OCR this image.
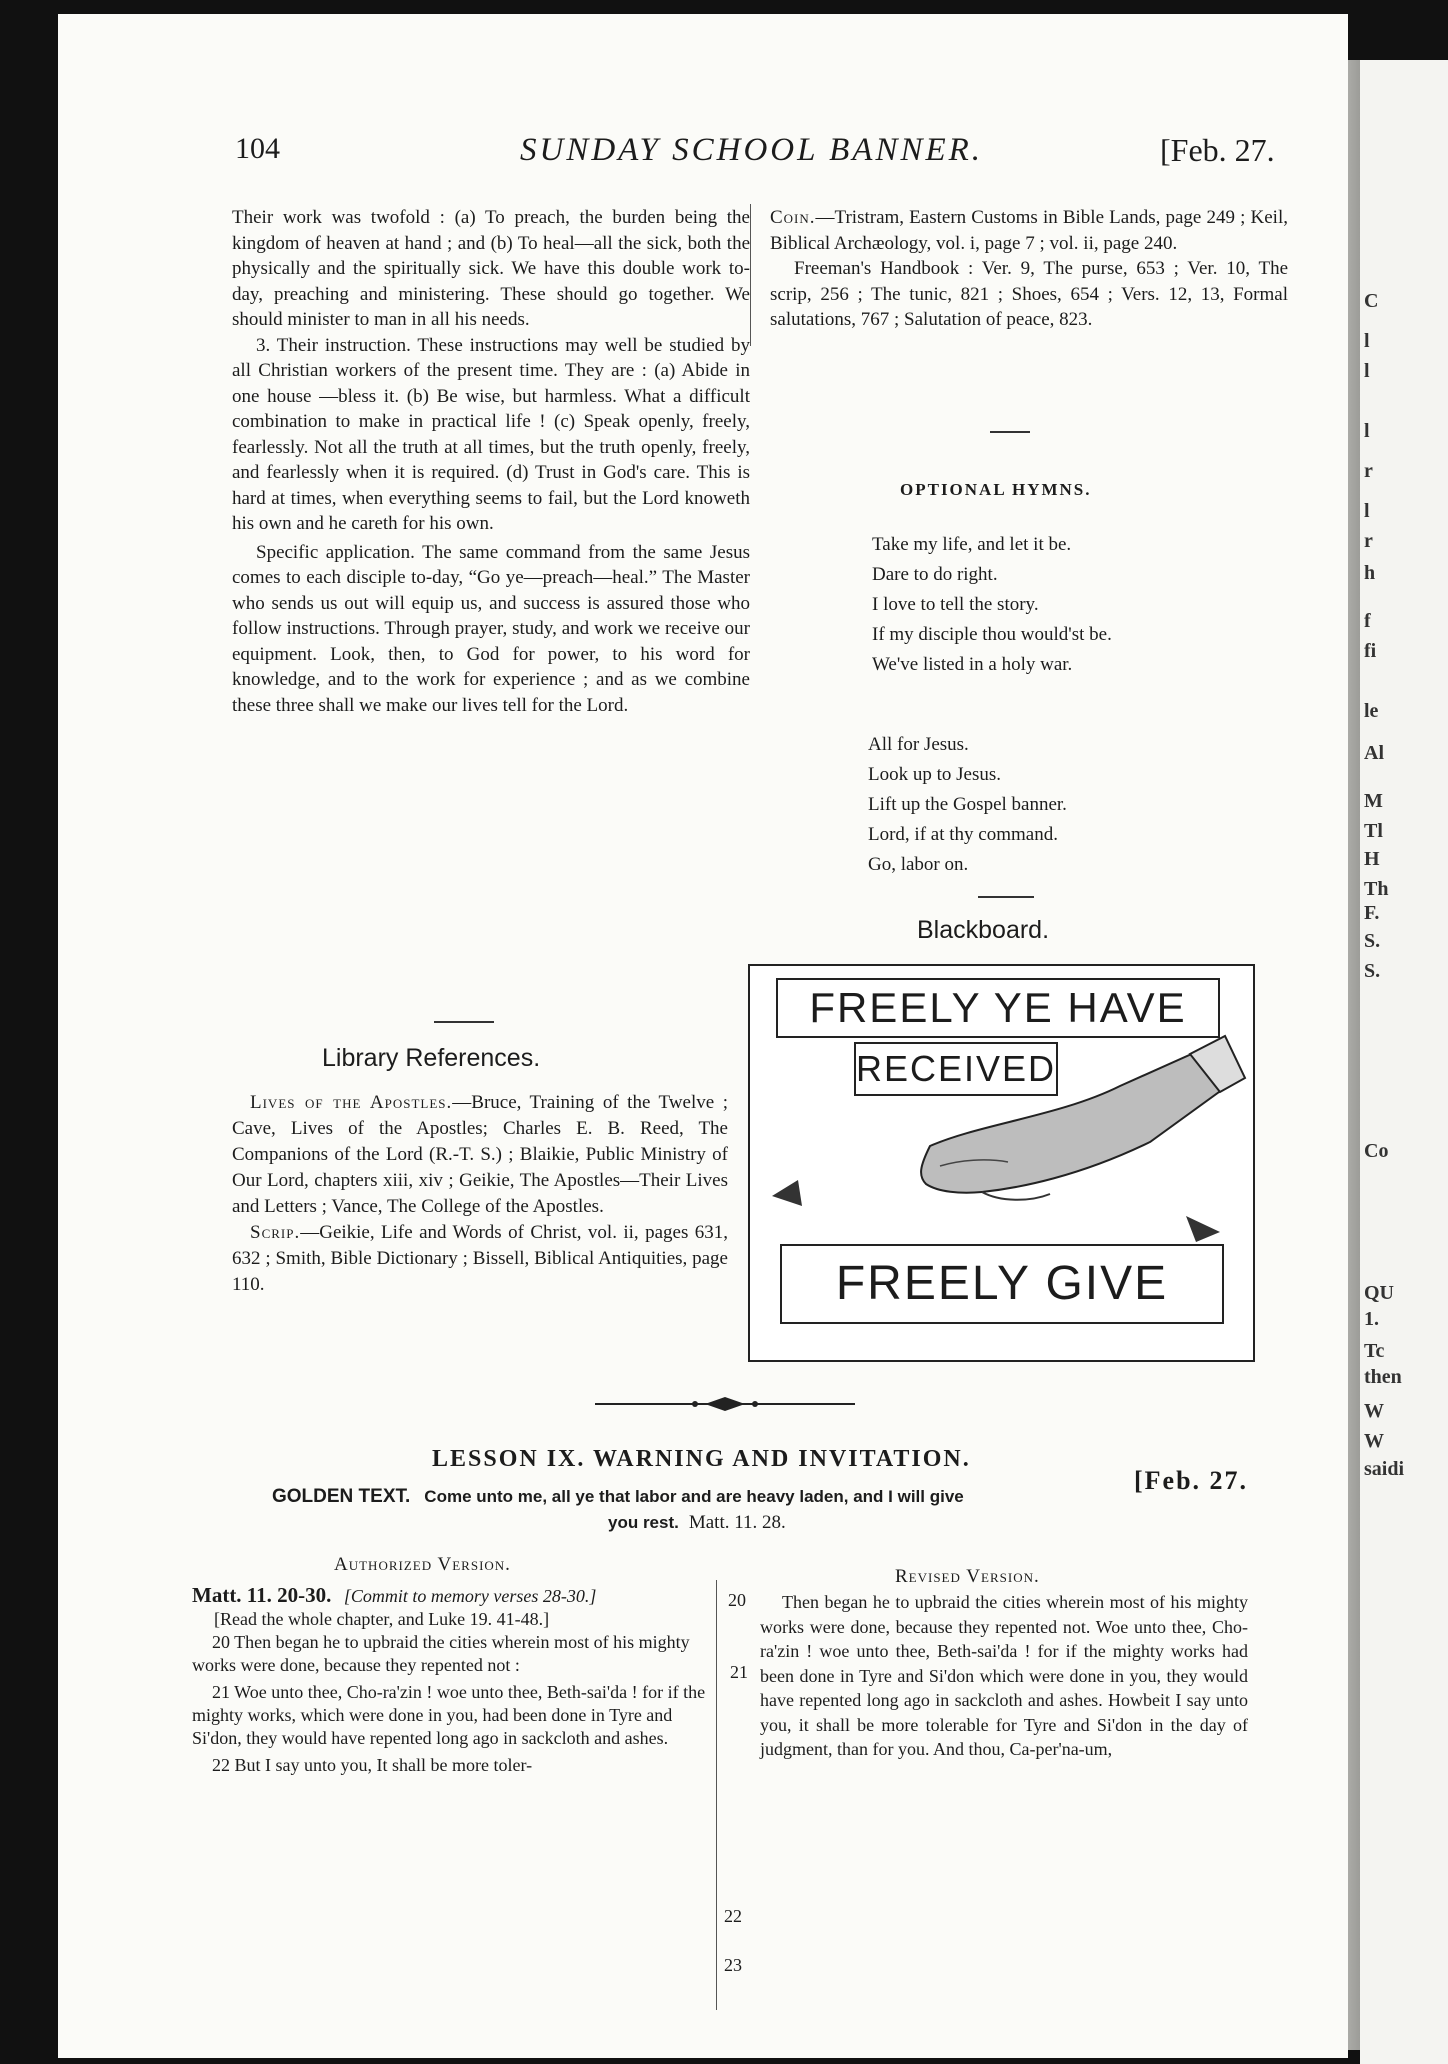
C
l
l
l
r
l
r
h
f
fi
le
Al
M
Tl
H
Th
F.
S.
S.
Co
QU
1.
Tc
then
W
W
saidi
104	SUNDAY SCHOOL BANNER.	[Feb. 27.

Their work was twofold : (a) To preach, the burden being the kingdom of heaven at hand ; and (b) To heal—all the sick, both the physically and the spiritually sick. We have this double work to-day, preaching and ministering. These should go together. We should minister to man in all his needs.

3. Their instruction. These instructions may well be studied by all Christian workers of the present time. They are : (a) Abide in one house —bless it. (b) Be wise, but harmless. What a difficult combination to make in practical life ! (c) Speak openly, freely, fearlessly. Not all the truth at all times, but the truth openly, freely, and fearlessly when it is required. (d) Trust in God's care. This is hard at times, when everything seems to fail, but the Lord knoweth his own and he careth for his own.

Specific application. The same command from the same Jesus comes to each disciple to-day, “Go ye—preach—heal.” The Master who sends us out will equip us, and success is assured those who follow instructions. Through prayer, study, and work we receive our equipment. Look, then, to God for power, to his word for knowledge, and to the work for experience ; and as we combine these three shall we make our lives tell for the Lord.

Library References.

Lives of the Apostles.—Bruce, Training of the Twelve ; Cave, Lives of the Apostles; Charles E. B. Reed, The Companions of the Lord (R.-T. S.) ; Blaikie, Public Ministry of Our Lord, chapters xiii, xiv ; Geikie, The Apostles—Their Lives and Letters ; Vance, The College of the Apostles.

Scrip.—Geikie, Life and Words of Christ, vol. ii, pages 631, 632 ; Smith, Bible Dictionary ; Bissell, Biblical Antiquities, page 110.

Coin.—Tristram, Eastern Customs in Bible Lands, page 249 ; Keil, Biblical Archæology, vol. i, page 7 ; vol. ii, page 240.

Freeman's Handbook : Ver. 9, The purse, 653 ; Ver. 10, The scrip, 256 ; The tunic, 821 ; Shoes, 654 ; Vers. 12, 13, Formal salutations, 767 ; Salutation of peace, 823.

OPTIONAL HYMNS.
Take my life, and let it be.
Dare to do right.
I love to tell the story.
If my disciple thou would'st be.
We've listed in a holy war.
All for Jesus.
Look up to Jesus.
Lift up the Gospel banner.
Lord, if at thy command.
Go, labor on.
Blackboard.
FREELY YE HAVE
RECEIVED
FREELY GIVE
LESSON IX. WARNING AND INVITATION.
[Feb. 27.
GOLDEN TEXT. Come unto me, all ye that labor and are heavy laden, and I will give
you rest. Matt. 11. 28.
Authorized Version.
Revised Version.

Matt. 11. 20-30. [Commit to memory verses 28-30.]

[Read the whole chapter, and Luke 19. 41-48.]

20 Then began he to upbraid the cities wherein most of his mighty works were done, because they repented not :

21 Woe unto thee, Cho-ra'zin ! woe unto thee, Beth-sai'da ! for if the mighty works, which were done in you, had been done in Tyre and Si'don, they would have repented long ago in sackcloth and ashes.

22 But I say unto you, It shall be more toler-

20
21
22
23

Then began he to upbraid the cities wherein most of his mighty works were done, because they repented not. Woe unto thee, Cho-ra'zin ! woe unto thee, Beth-sai'da ! for if the mighty works had been done in Tyre and Si'don which were done in you, they would have repented long ago in sackcloth and ashes. Howbeit I say unto you, it shall be more tolerable for Tyre and Si'don in the day of judgment, than for you. And thou, Ca-per'na-um,
